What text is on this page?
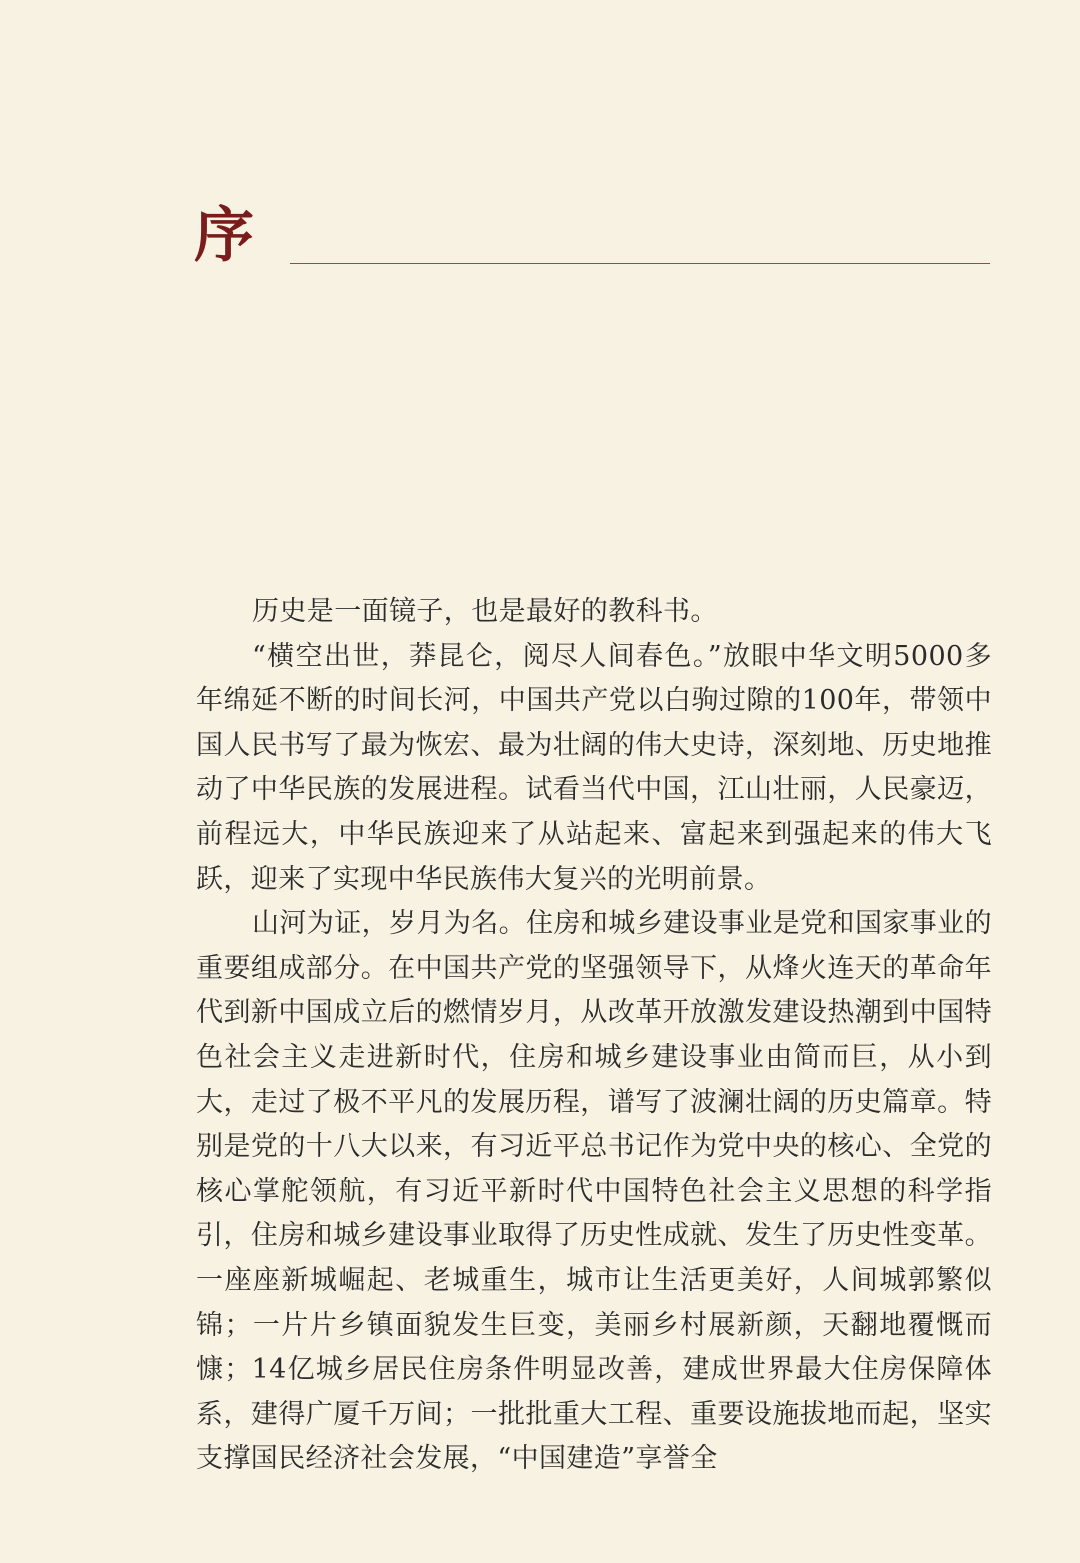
序

历史是一面镜子，也是最好的教科书。

“横空出世，莽昆仑，阅尽人间春色。”放眼中华文明5000多年绵延不断的时间长河，中国共产党以白驹过隙的100年，带领中国人民书写了最为恢宏、最为壮阔的伟大史诗，深刻地、历史地推动了中华民族的发展进程。试看当代中国，江山壮丽，人民豪迈，前程远大，中华民族迎来了从站起来、富起来到强起来的伟大飞跃，迎来了实现中华民族伟大复兴的光明前景。

山河为证，岁月为名。住房和城乡建设事业是党和国家事业的重要组成部分。在中国共产党的坚强领导下，从烽火连天的革命年代到新中国成立后的燃情岁月，从改革开放激发建设热潮到中国特色社会主义走进新时代，住房和城乡建设事业由简而巨，从小到大，走过了极不平凡的发展历程，谱写了波澜壮阔的历史篇章。特别是党的十八大以来，有习近平总书记作为党中央的核心、全党的核心掌舵领航，有习近平新时代中国特色社会主义思想的科学指引，住房和城乡建设事业取得了历史性成就、发生了历史性变革。一座座新城崛起、老城重生，城市让生活更美好，人间城郭繁似锦；一片片乡镇面貌发生巨变，美丽乡村展新颜，天翻地覆慨而慷；14亿城乡居民住房条件明显改善，建成世界最大住房保障体系，建得广厦千万间；一批批重大工程、重要设施拔地而起，坚实支撑国民经济社会发展，“中国建造”享誉全
